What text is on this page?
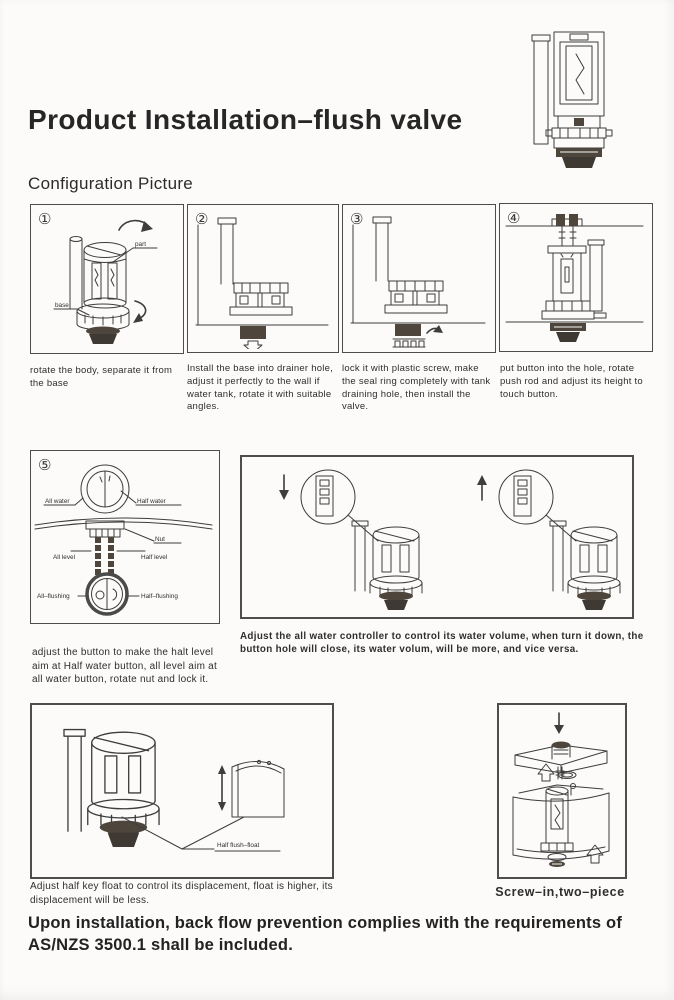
Product Installation–flush valve
Configuration Picture
①
part
base
②	③	④
rotate the body, separate it from the base
Install the base into drainer hole, adjust it perfectly to the wall if water tank, rotate it with suitable angles.
lock it with plastic screw, make the seal ring completely with tank draining hole, then install the valve.
put button into the hole, rotate push rod and adjust its height to touch button.
⑤
All water	Half water
Nut
All level	Half level
All–flushing	Half–flushing
Adjust the all water controller to control its water volume, when turn it down, the button hole will close, its water volum, will be more, and vice versa.
adjust the button to make the halt level aim at Half water button, all level aim at all water button, rotate nut and lock it.
Half flush–float
Adjust half key float to control its displacement, float is higher, its displacement will be less.
Screw–in,two–piece
Upon installation, back flow prevention complies with the requirements of AS/NZS 3500.1 shall be included.
